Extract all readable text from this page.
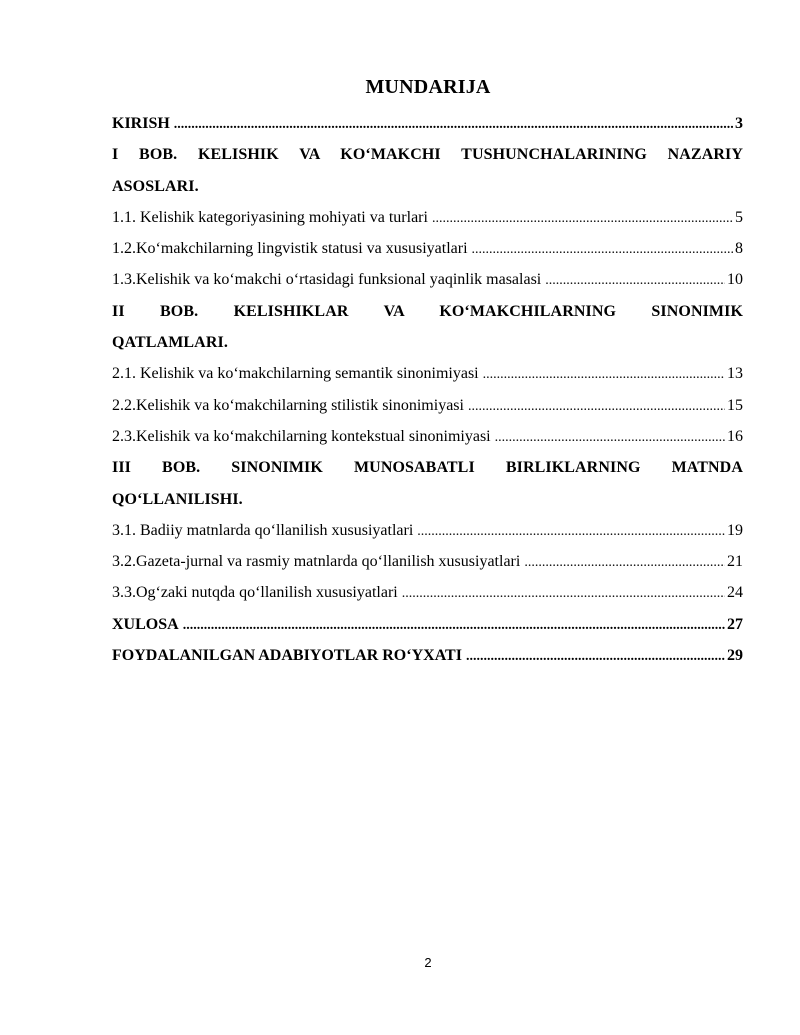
MUNDARIJA
KIRISH .....	3
I BOB. KELISHIK VA KO‘MAKCHI TUSHUNCHALARINING NAZARIY
ASOSLARI.
1.1. Kelishik kategoriyasining mohiyati va turlari .....	5
1.2.Ko‘makchilarning lingvistik statusi va xususiyatlari .....	8
1.3.Kelishik va ko‘makchi o‘rtasidagi funksional yaqinlik masalasi .....	10
II BOB. KELISHIKLAR VA KO‘MAKCHILARNING SINONIMIK
QATLAMLARI.
2.1. Kelishik va ko‘makchilarning semantik sinonimiyasi .....	13
2.2.Kelishik va ko‘makchilarning stilistik sinonimiyasi .....	15
2.3.Kelishik va ko‘makchilarning kontekstual sinonimiyasi .....	16
III BOB. SINONIMIK MUNOSABATLI BIRLIKLARNING MATNDA
QO‘LLANILISHI.
3.1. Badiiy matnlarda qo‘llanilish xususiyatlari .....	19
3.2.Gazeta-jurnal va rasmiy matnlarda qo‘llanilish xususiyatlari .....	21
3.3.Og‘zaki nutqda qo‘llanilish xususiyatlari .....	24
XULOSA .....	27
FOYDALANILGAN ADABIYOTLAR RO‘YXATI .....	29
2
